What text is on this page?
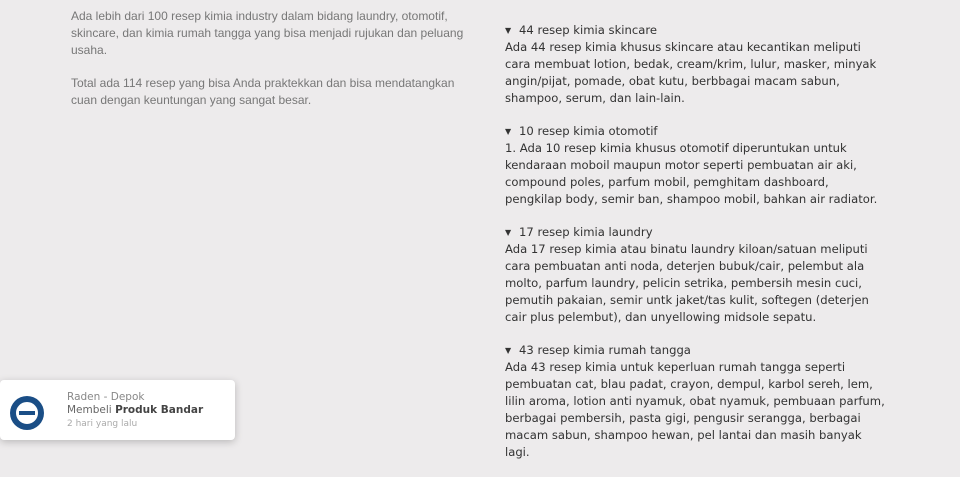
Ada lebih dari 100 resep kimia industry dalam bidang laundry, otomotif, skincare, dan kimia rumah tangga yang bisa menjadi rujukan dan peluang usaha.

Total ada 114 resep yang bisa Anda praktekkan dan bisa mendatangkan cuan dengan keuntungan yang sangat besar.

▼ 44 resep kimia skincare

Ada 44 resep kimia khusus skincare atau kecantikan meliputi cara membuat lotion, bedak, cream/krim, lulur, masker, minyak angin/pijat, pomade, obat kutu, berbbagai macam sabun, shampoo, serum, dan lain-lain.

▼ 10 resep kimia otomotif

1. Ada 10 resep kimia khusus otomotif diperuntukan untuk kendaraan moboil maupun motor seperti pembuatan air aki, compound poles, parfum mobil, pemghitam dashboard, pengkilap body, semir ban, shampoo mobil, bahkan air radiator.

▼ 17 resep kimia laundry

Ada 17 resep kimia atau binatu laundry kiloan/satuan meliputi cara pembuatan anti noda, deterjen bubuk/cair, pelembut ala molto, parfum laundry, pelicin setrika, pembersih mesin cuci, pemutih pakaian, semir untk jaket/tas kulit, softegen (deterjen cair plus pelembut), dan unyellowing midsole sepatu.

▼ 43 resep kimia rumah tangga

Ada 43 resep kimia untuk keperluan rumah tangga seperti pembuatan cat, blau padat, crayon, dempul, karbol sereh, lem, lilin aroma, lotion anti nyamuk, obat nyamuk, pembuaan parfum, berbagai pembersih, pasta gigi, pengusir serangga, berbagai macam sabun, shampoo hewan, pel lantai dan masih banyak lagi.

Raden - Depok
Membeli Produk Bandar
2 hari yang lalu
